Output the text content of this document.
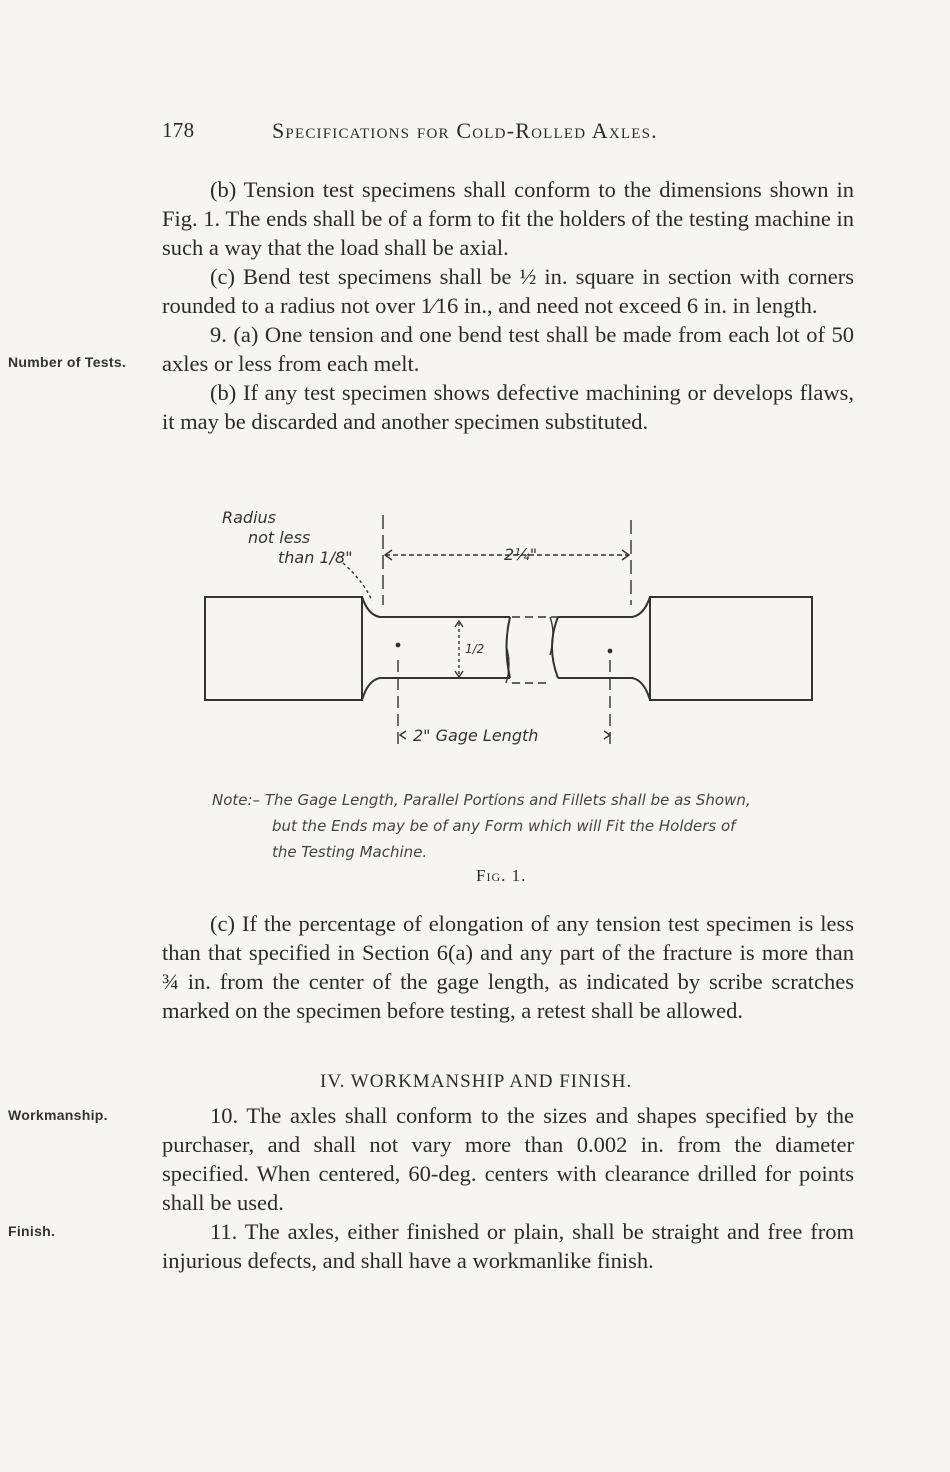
178	Specifications for Cold-Rolled Axles.

(b) Tension test specimens shall conform to the dimensions shown in Fig. 1. The ends shall be of a form to fit the holders of the testing machine in such a way that the load shall be axial.

(c) Bend test specimens shall be ½ in. square in section with corners rounded to a radius not over 1⁄16 in., and need not exceed 6 in. in length.

9. (a) One tension and one bend test shall be made from each lot of 50 axles or less from each melt.

(b) If any test specimen shows defective machining or develops flaws, it may be discarded and another specimen substituted.

Number of Tests.
Radius
not less
than 1/8"	2¼"
1/2
2" Gage Length
Note:– The Gage Length, Parallel Portions and Fillets shall be as Shown,

but the Ends may be of any Form which will Fit the Holders of
the Testing Machine.
Fig. 1.

(c) If the percentage of elongation of any tension test specimen is less than that specified in Section 6(a) and any part of the fracture is more than ¾ in. from the center of the gage length, as indicated by scribe scratches marked on the specimen before testing, a retest shall be allowed.

IV. WORKMANSHIP AND FINISH.
Workmanship.	10. The axles shall conform to the sizes and shapes specified by the purchaser, and shall not vary more than 0.002 in. from the diameter specified. When centered, 60-deg. centers with clearance drilled for points shall be used.

Finish.	11. The axles, either finished or plain, shall be straight and free from injurious defects, and shall have a workmanlike finish.
